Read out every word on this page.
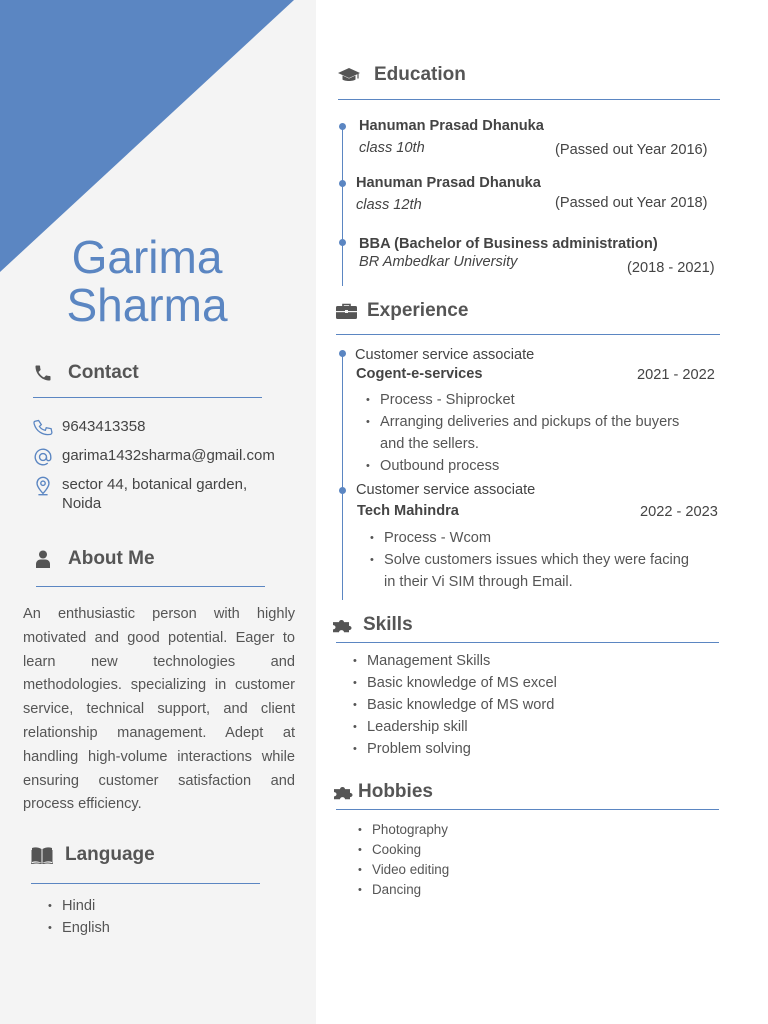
Garima
Sharma
Contact
9643413358
garima1432sharma@gmail.com
sector 44, botanical garden,
Noida
About Me
An enthusiastic person with highly motivated and good potential. Eager to learn new technologies and methodologies. specializing in customer service, technical support, and client relationship management. Adept at handling high-volume interactions while ensuring customer satisfaction and process efficiency.
Language
• Hindi
• English
Education
Hanuman Prasad Dhanuka
class 10th	(Passed out Year 2016)
Hanuman Prasad Dhanuka
class 12th	(Passed out Year 2018)
BBA (Bachelor of Business administration)
BR Ambedkar University	(2018 - 2021)
Experience
Customer service associate
Cogent-e-services	2021 - 2022
• Process - Shiprocket
• Arranging deliveries and pickups of the buyers
and the sellers.
• Outbound process
Customer service associate
Tech Mahindra	2022 - 2023
• Process - Wcom
• Solve customers issues which they were facing
in their Vi SIM through Email.
Skills
• Management Skills
• Basic knowledge of MS excel
• Basic knowledge of MS word
• Leadership skill
• Problem solving
Hobbies
• Photography
• Cooking
• Video editing
• Dancing
